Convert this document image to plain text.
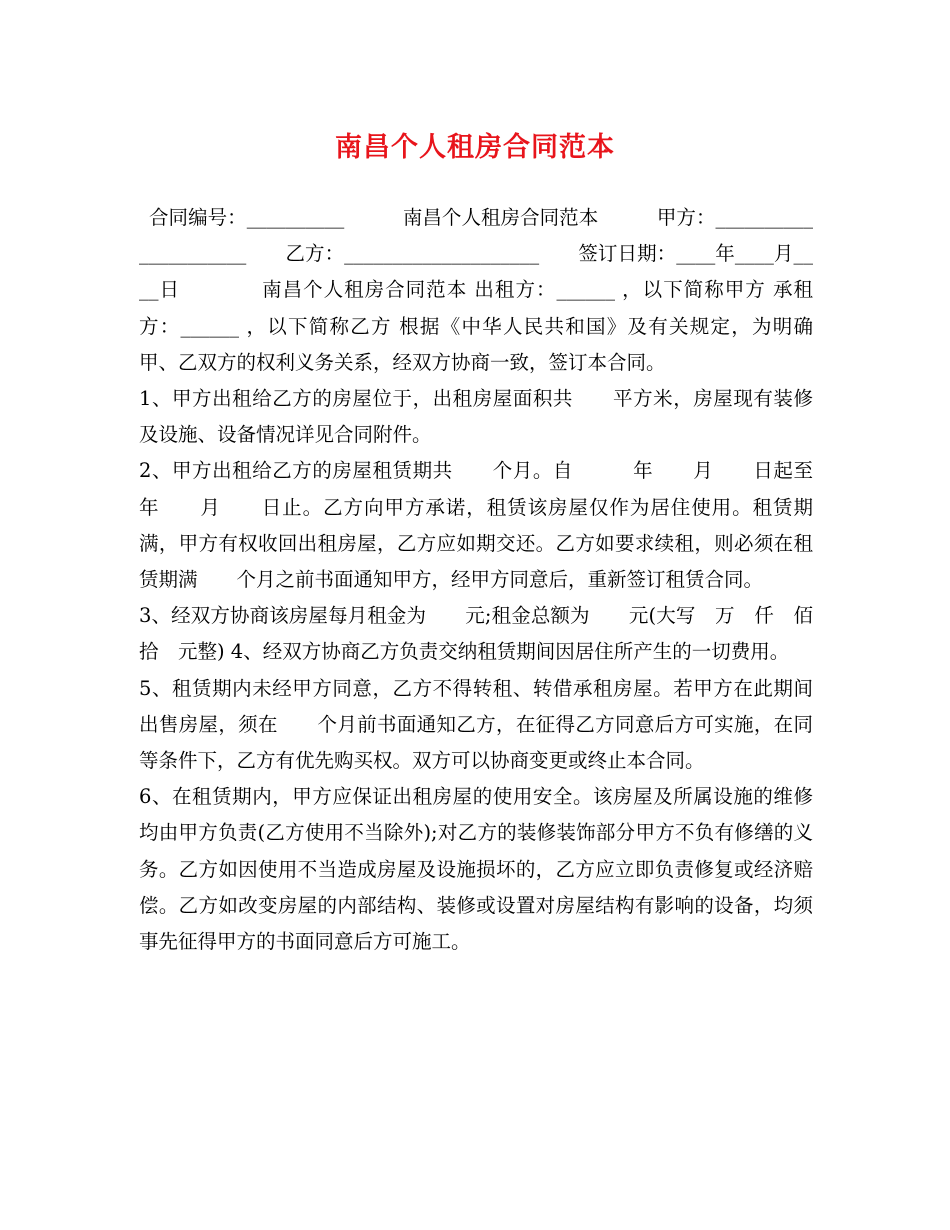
南昌个人租房合同范本

合同编号：__________　　　南昌个人租房合同范本　　　甲方：_____________________　　乙方：____________________　　签订日期：____年____月____日　　　　南昌个人租房合同范本 出租方：______ ，以下简称甲方 承租方：______ ，以下简称乙方 根据《中华人民共和国》及有关规定，为明确甲、乙双方的权利义务关系，经双方协商一致，签订本合同。

1、甲方出租给乙方的房屋位于，出租房屋面积共　　平方米，房屋现有装修及设施、设备情况详见合同附件。

2、甲方出租给乙方的房屋租赁期共　　个月。自　　　年　　月　　日起至年　　月　　日止。乙方向甲方承诺，租赁该房屋仅作为居住使用。租赁期满，甲方有权收回出租房屋，乙方应如期交还。乙方如要求续租，则必须在租赁期满　　个月之前书面通知甲方，经甲方同意后，重新签订租赁合同。

3、经双方协商该房屋每月租金为　　元;租金总额为　　元(大写　万　仟　佰　拾　元整) 4、经双方协商乙方负责交纳租赁期间因居住所产生的一切费用。

5、租赁期内未经甲方同意，乙方不得转租、转借承租房屋。若甲方在此期间出售房屋，须在　　个月前书面通知乙方，在征得乙方同意后方可实施，在同等条件下，乙方有优先购买权。双方可以协商变更或终止本合同。

6、在租赁期内，甲方应保证出租房屋的使用安全。该房屋及所属设施的维修均由甲方负责(乙方使用不当除外);对乙方的装修装饰部分甲方不负有修缮的义务。乙方如因使用不当造成房屋及设施损坏的，乙方应立即负责修复或经济赔偿。乙方如改变房屋的内部结构、装修或设置对房屋结构有影响的设备，均须事先征得甲方的书面同意后方可施工。
